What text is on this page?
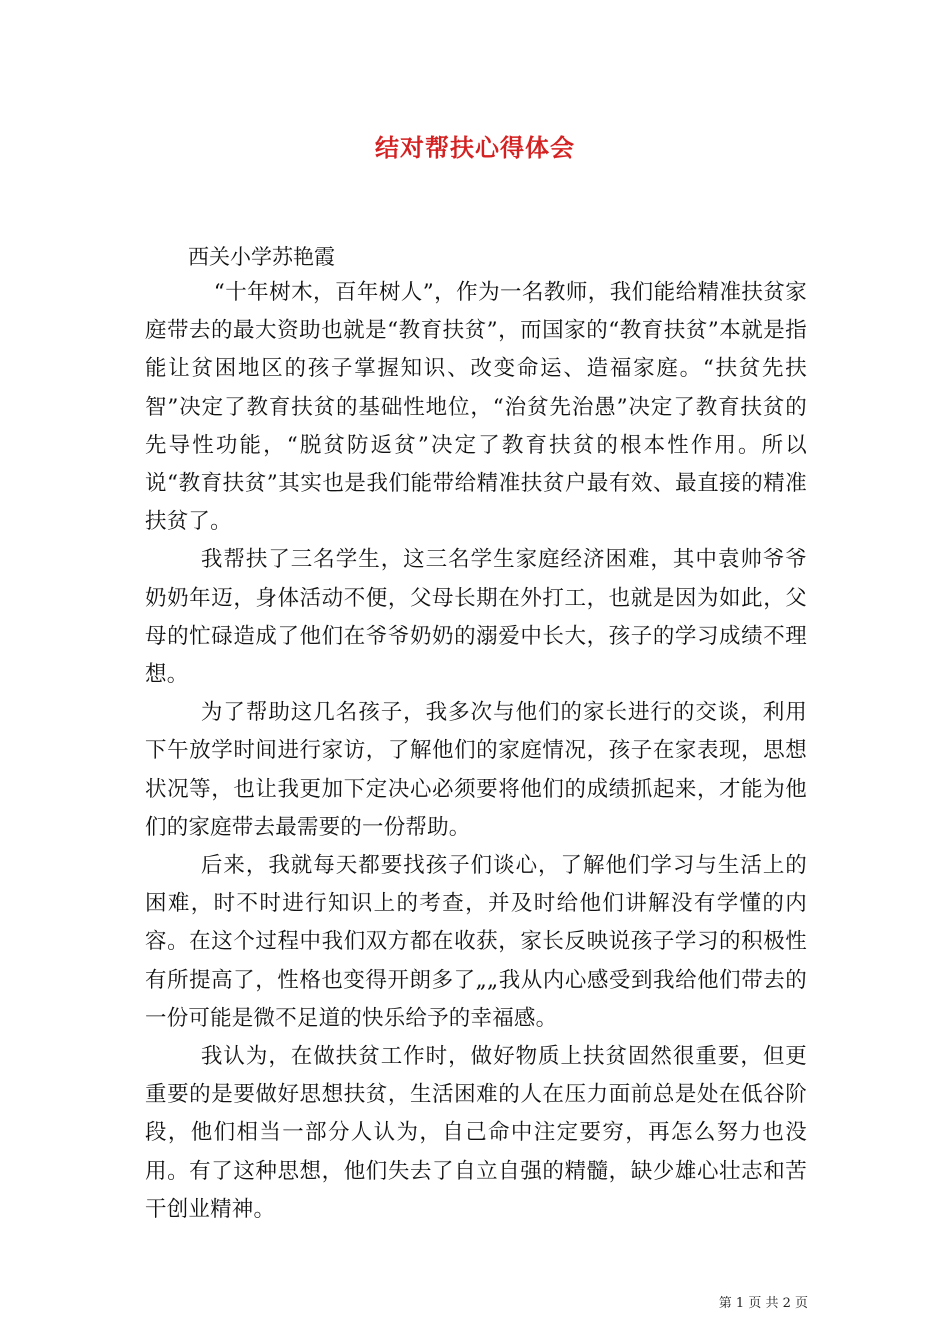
结对帮扶心得体会

西关小学苏艳霞

“十年树木，百年树人”，作为一名教师，我们能给精准扶贫家庭带去的最大资助也就是“教育扶贫”，而国家的“教育扶贫”本就是指能让贫困地区的孩子掌握知识、改变命运、造福家庭。“扶贫先扶智”决定了教育扶贫的基础性地位，“治贫先治愚”决定了教育扶贫的先导性功能，“脱贫防返贫”决定了教育扶贫的根本性作用。所以说“教育扶贫”其实也是我们能带给精准扶贫户最有效、最直接的精准扶贫了。

我帮扶了三名学生，这三名学生家庭经济困难，其中袁帅爷爷奶奶年迈，身体活动不便，父母长期在外打工，也就是因为如此，父母的忙碌造成了他们在爷爷奶奶的溺爱中长大，孩子的学习成绩不理想。

为了帮助这几名孩子，我多次与他们的家长进行的交谈，利用下午放学时间进行家访，了解他们的家庭情况，孩子在家表现，思想状况等，也让我更加下定决心必须要将他们的成绩抓起来，才能为他们的家庭带去最需要的一份帮助。

后来，我就每天都要找孩子们谈心，了解他们学习与生活上的困难，时不时进行知识上的考查，并及时给他们讲解没有学懂的内容。在这个过程中我们双方都在收获，家长反映说孩子学习的积极性有所提高了，性格也变得开朗多了„„我从内心感受到我给他们带去的一份可能是微不足道的快乐给予的幸福感。

我认为，在做扶贫工作时，做好物质上扶贫固然很重要，但更重要的是要做好思想扶贫，生活困难的人在压力面前总是处在低谷阶段，他们相当一部分人认为，自己命中注定要穷，再怎么努力也没用。有了这种思想，他们失去了自立自强的精髓，缺少雄心壮志和苦干创业精神。

第 1 页 共 2 页
